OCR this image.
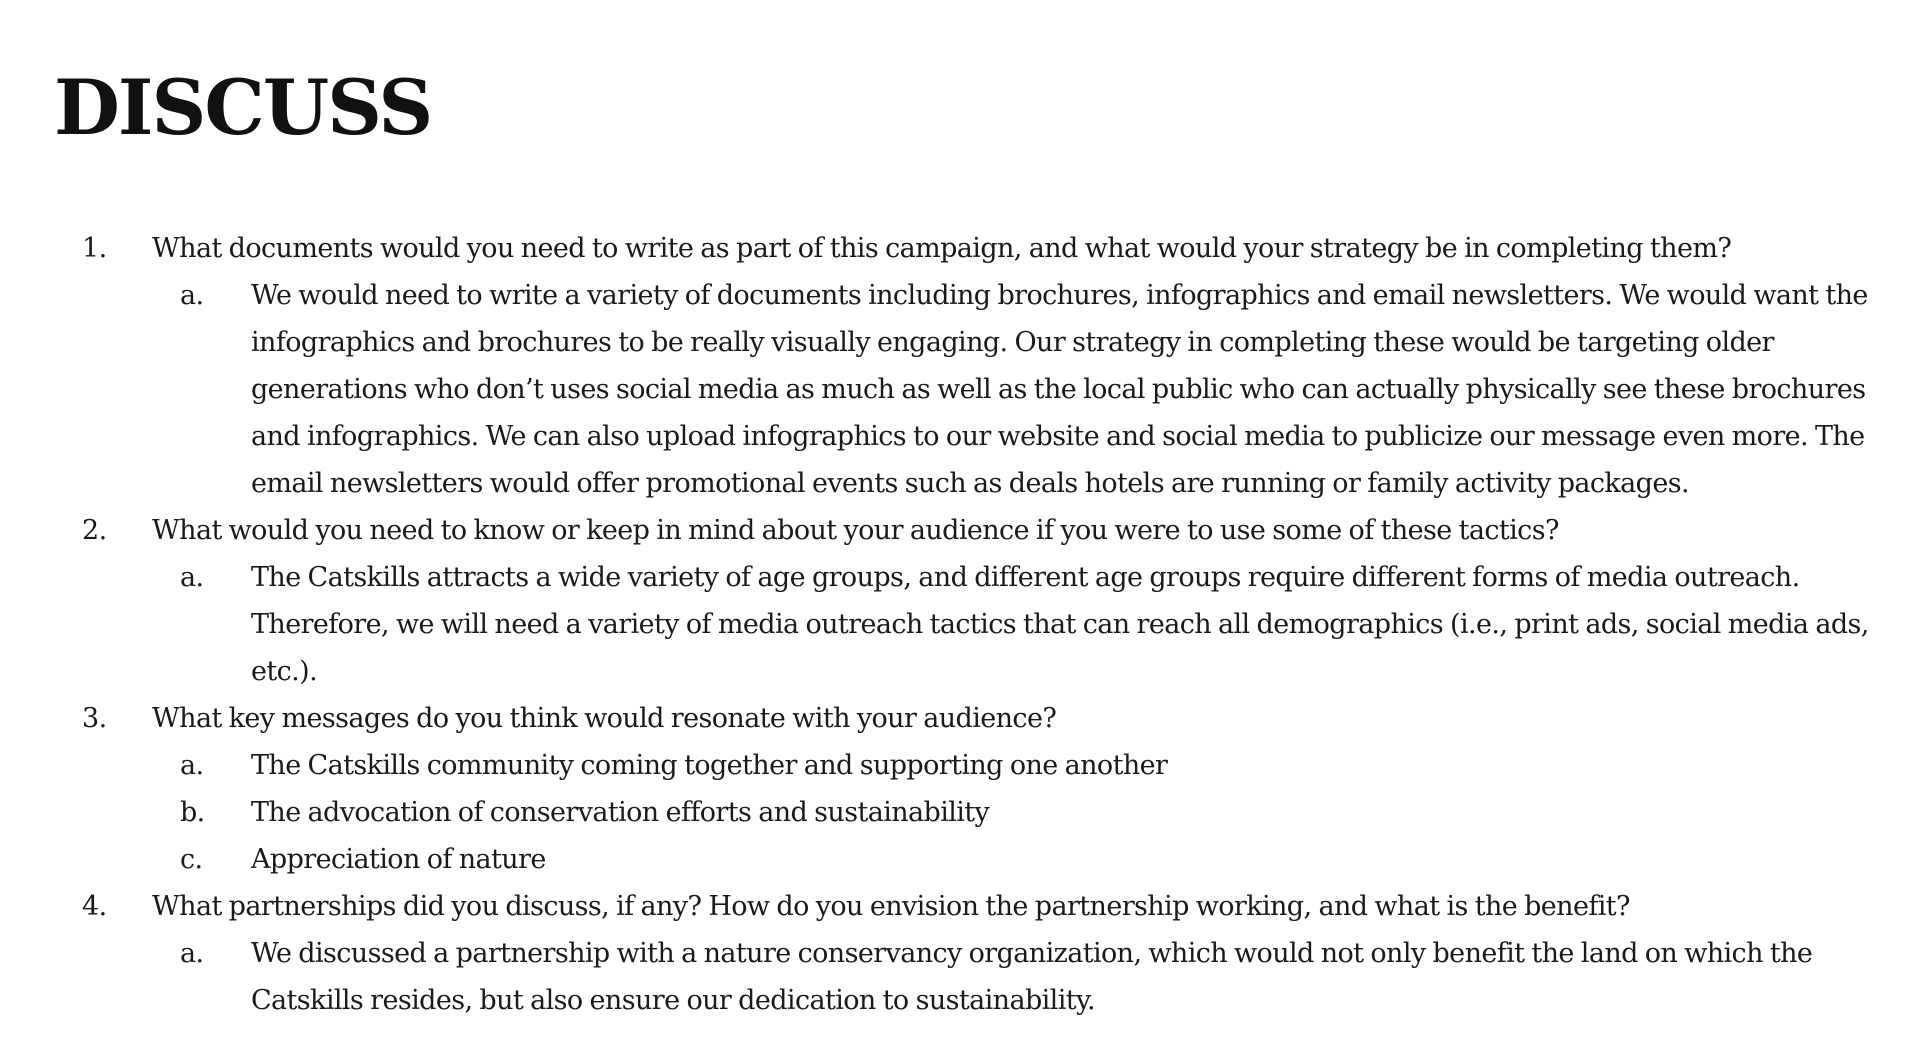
DISCUSS
1.	What documents would you need to write as part of this campaign, and what would your strategy be in completing them?
a.	We would need to write a variety of documents including brochures, infographics and email newsletters. We would want the infographics and brochures to be really visually engaging. Our strategy in completing these would be targeting older generations who don’t uses social media as much as well as the local public who can actually physically see these brochures and infographics. We can also upload infographics to our website and social media to publicize our message even more. The email newsletters would offer promotional events such as deals hotels are running or family activity packages.
2.	What would you need to know or keep in mind about your audience if you were to use some of these tactics?
a.	The Catskills attracts a wide variety of age groups, and different age groups require different forms of media outreach. Therefore, we will need a variety of media outreach tactics that can reach all demographics (i.e., print ads, social media ads, etc.).
3.	What key messages do you think would resonate with your audience?
a.	The Catskills community coming together and supporting one another
b.	The advocation of conservation efforts and sustainability
c.	Appreciation of nature
4.	What partnerships did you discuss, if any? How do you envision the partnership working, and what is the benefit?
a.	We discussed a partnership with a nature conservancy organization, which would not only benefit the land on which the Catskills resides, but also ensure our dedication to sustainability.
